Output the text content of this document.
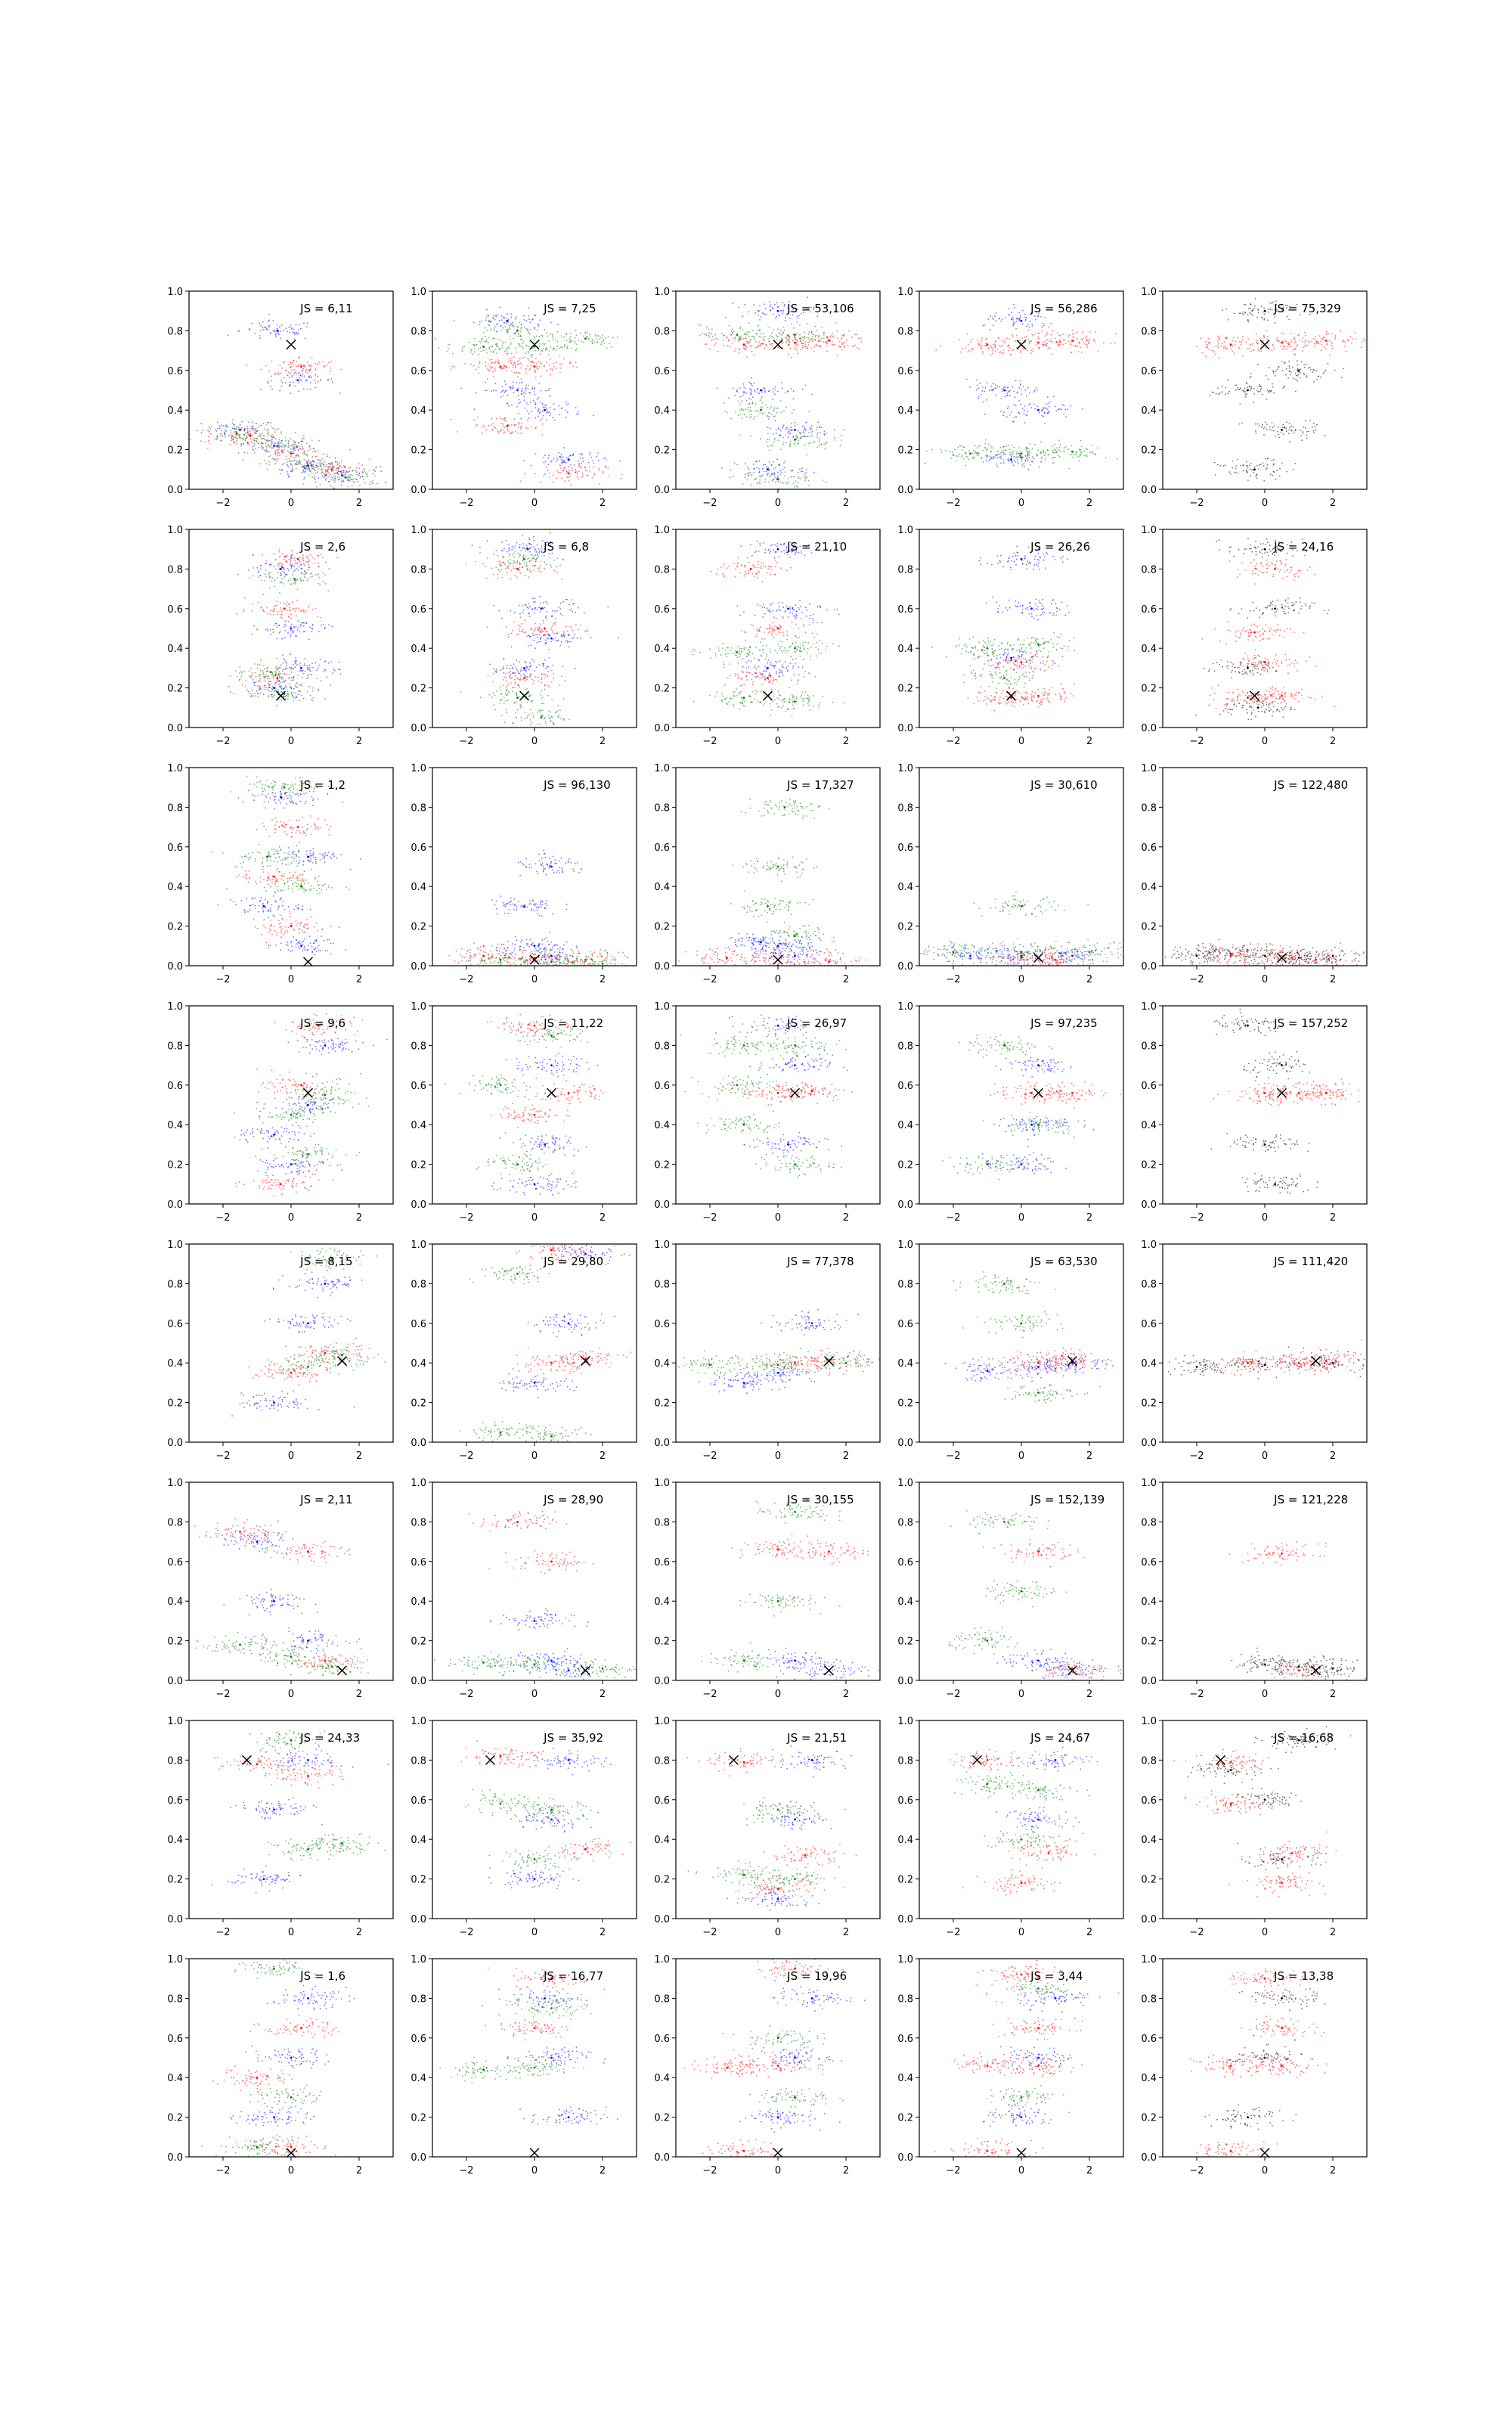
−2	0	2
0.0
0.2
0.4
0.6
0.8
1.0
JS = 6,11
−2	0	2
0.0
0.2
0.4
0.6
0.8
1.0
JS = 7,25
−2	0	2
0.0
0.2
0.4
0.6
0.8
1.0
JS = 53,106
−2	0	2
0.0
0.2
0.4
0.6
0.8
1.0
JS = 56,286
−2	0	2
0.0
0.2
0.4
0.6
0.8
1.0
JS = 75,329
−2	0	2
0.0
0.2
0.4
0.6
0.8
1.0
JS = 2,6
−2	0	2
0.0
0.2
0.4
0.6
0.8
1.0
JS = 6,8
−2	0	2
0.0
0.2
0.4
0.6
0.8
1.0
JS = 21,10
−2	0	2
0.0
0.2
0.4
0.6
0.8
1.0
JS = 26,26
−2	0	2
0.0
0.2
0.4
0.6
0.8
1.0
JS = 24,16
−2	0	2
0.0
0.2
0.4
0.6
0.8
1.0
JS = 1,2
−2	0	2
0.0
0.2
0.4
0.6
0.8
1.0
JS = 96,130
−2	0	2
0.0
0.2
0.4
0.6
0.8
1.0
JS = 17,327
−2	0	2
0.0
0.2
0.4
0.6
0.8
1.0
JS = 30,610
−2	0	2
0.0
0.2
0.4
0.6
0.8
1.0
JS = 122,480
−2	0	2
0.0
0.2
0.4
0.6
0.8
1.0
JS = 9,6
−2	0	2
0.0
0.2
0.4
0.6
0.8
1.0
JS = 11,22
−2	0	2
0.0
0.2
0.4
0.6
0.8
1.0
JS = 26,97
−2	0	2
0.0
0.2
0.4
0.6
0.8
1.0
JS = 97,235
−2	0	2
0.0
0.2
0.4
0.6
0.8
1.0
JS = 157,252
−2	0	2
0.0
0.2
0.4
0.6
0.8
1.0
JS = 8,15
−2	0	2
0.0
0.2
0.4
0.6
0.8
1.0
JS = 29,80
−2	0	2
0.0
0.2
0.4
0.6
0.8
1.0
JS = 77,378
−2	0	2
0.0
0.2
0.4
0.6
0.8
1.0
JS = 63,530
−2	0	2
0.0
0.2
0.4
0.6
0.8
1.0
JS = 111,420
−2	0	2
0.0
0.2
0.4
0.6
0.8
1.0
JS = 2,11
−2	0	2
0.0
0.2
0.4
0.6
0.8
1.0
JS = 28,90
−2	0	2
0.0
0.2
0.4
0.6
0.8
1.0
JS = 30,155
−2	0	2
0.0
0.2
0.4
0.6
0.8
1.0
JS = 152,139
−2	0	2
0.0
0.2
0.4
0.6
0.8
1.0
JS = 121,228
−2	0	2
0.0
0.2
0.4
0.6
0.8
1.0
JS = 24,33
−2	0	2
0.0
0.2
0.4
0.6
0.8
1.0
JS = 35,92
−2	0	2
0.0
0.2
0.4
0.6
0.8
1.0
JS = 21,51
−2	0	2
0.0
0.2
0.4
0.6
0.8
1.0
JS = 24,67
−2	0	2
0.0
0.2
0.4
0.6
0.8
1.0
JS = 16,68
−2	0	2
0.0
0.2
0.4
0.6
0.8
1.0
JS = 1,6
−2	0	2
0.0
0.2
0.4
0.6
0.8
1.0
JS = 16,77
−2	0	2
0.0
0.2
0.4
0.6
0.8
1.0
JS = 19,96
−2	0	2
0.0
0.2
0.4
0.6
0.8
1.0
JS = 3,44
−2	0	2
0.0
0.2
0.4
0.6
0.8
1.0
JS = 13,38
